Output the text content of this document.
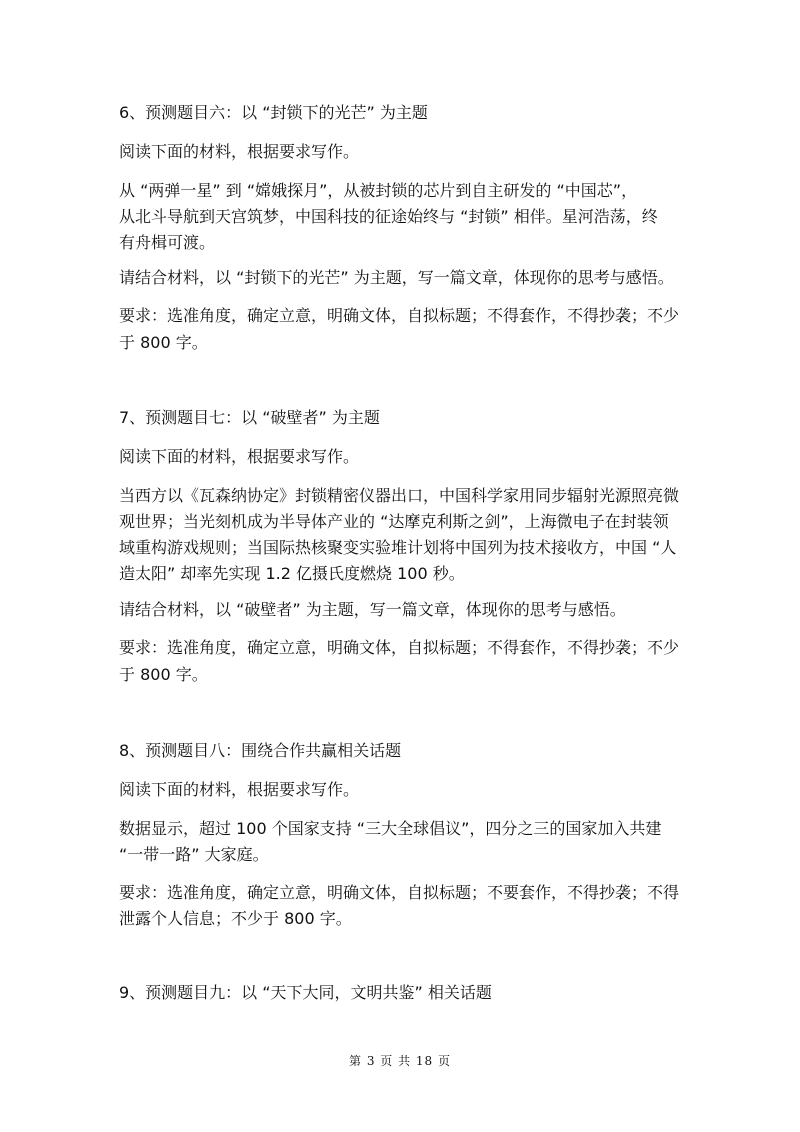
6、预测题目六：以 “封锁下的光芒” 为主题
阅读下面的材料，根据要求写作。
从 “两弹一星” 到 “嫦娥探月”，从被封锁的芯片到自主研发的 “中国芯”，
从北斗导航到天宫筑梦，中国科技的征途始终与 “封锁” 相伴。星河浩荡，终
有舟楫可渡。
请结合材料，以 “封锁下的光芒” 为主题，写一篇文章，体现你的思考与感悟。
要求：选准角度，确定立意，明确文体，自拟标题；不得套作，不得抄袭；不少
于 800 字。
7、预测题目七：以 “破壁者” 为主题
阅读下面的材料，根据要求写作。
当西方以《瓦森纳协定》封锁精密仪器出口，中国科学家用同步辐射光源照亮微
观世界；当光刻机成为半导体产业的 “达摩克利斯之剑”，上海微电子在封装领
域重构游戏规则；当国际热核聚变实验堆计划将中国列为技术接收方，中国 “人
造太阳” 却率先实现 1.2 亿摄氏度燃烧 100 秒。
请结合材料，以 “破壁者” 为主题，写一篇文章，体现你的思考与感悟。
要求：选准角度，确定立意，明确文体，自拟标题；不得套作，不得抄袭；不少
于 800 字。
8、预测题目八：围绕合作共赢相关话题
阅读下面的材料，根据要求写作。
数据显示，超过 100 个国家支持 “三大全球倡议”，四分之三的国家加入共建
“一带一路” 大家庭。
要求：选准角度，确定立意，明确文体，自拟标题；不要套作，不得抄袭；不得
泄露个人信息；不少于 800 字。
9、预测题目九：以 “天下大同，文明共鉴” 相关话题
第 3 页 共 18 页
